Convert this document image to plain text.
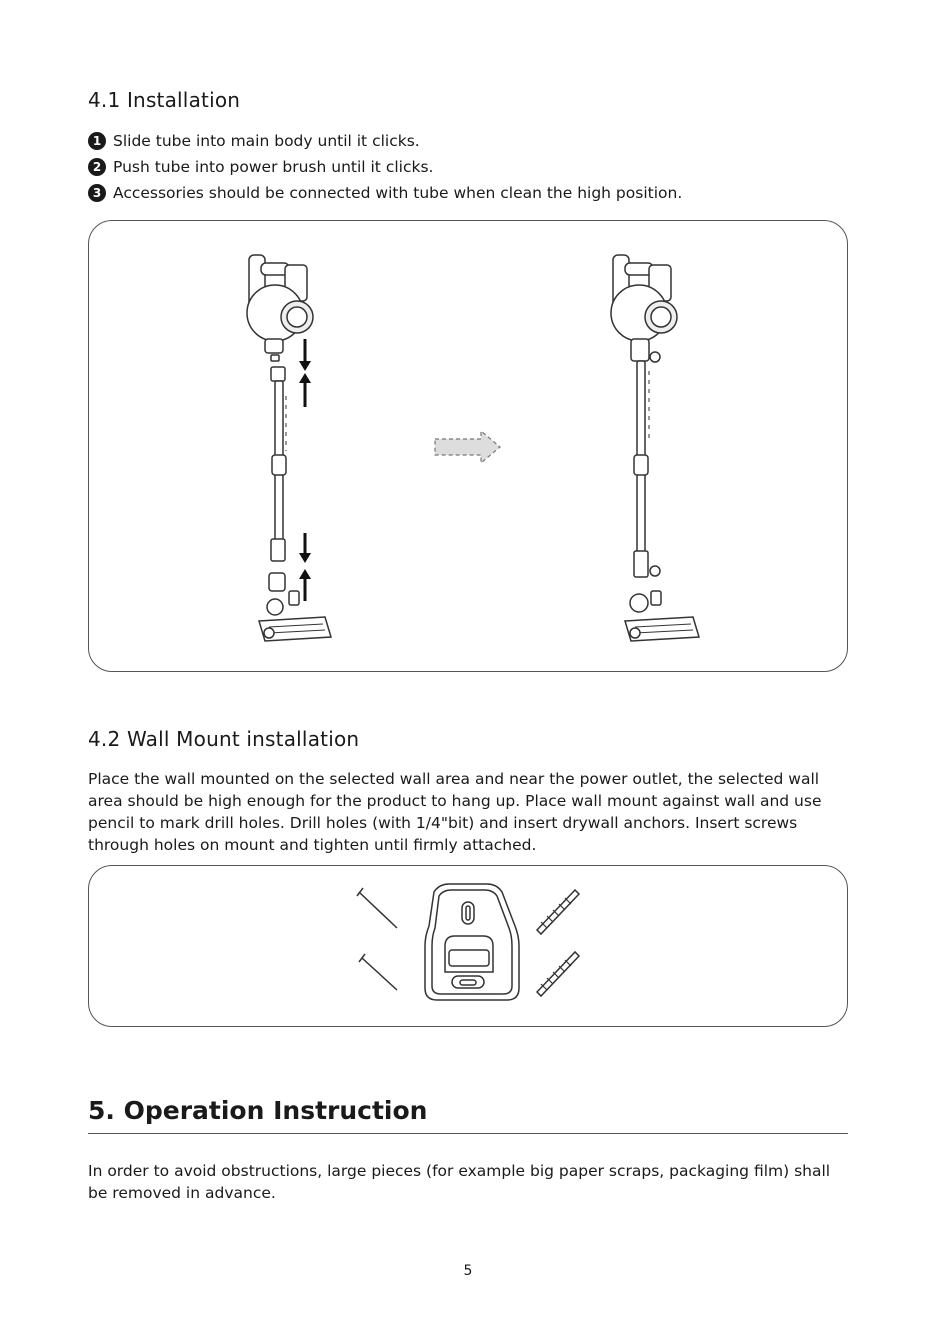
4.1 Installation
1 Slide tube into main body until it clicks.
2 Push tube into power brush until it clicks.
3 Accessories should be connected with tube when clean the high position.
4.2 Wall Mount installation

Place the wall mounted on the selected wall area and near the power outlet, the selected wall area should be high enough for the product to hang up. Place wall mount against wall and use pencil to mark drill holes. Drill holes (with 1/4"bit) and insert drywall anchors. Insert screws through holes on mount and tighten until firmly attached.

5. Operation Instruction

In order to avoid obstructions, large pieces (for example big paper scraps, packaging film) shall be removed in advance.

5
